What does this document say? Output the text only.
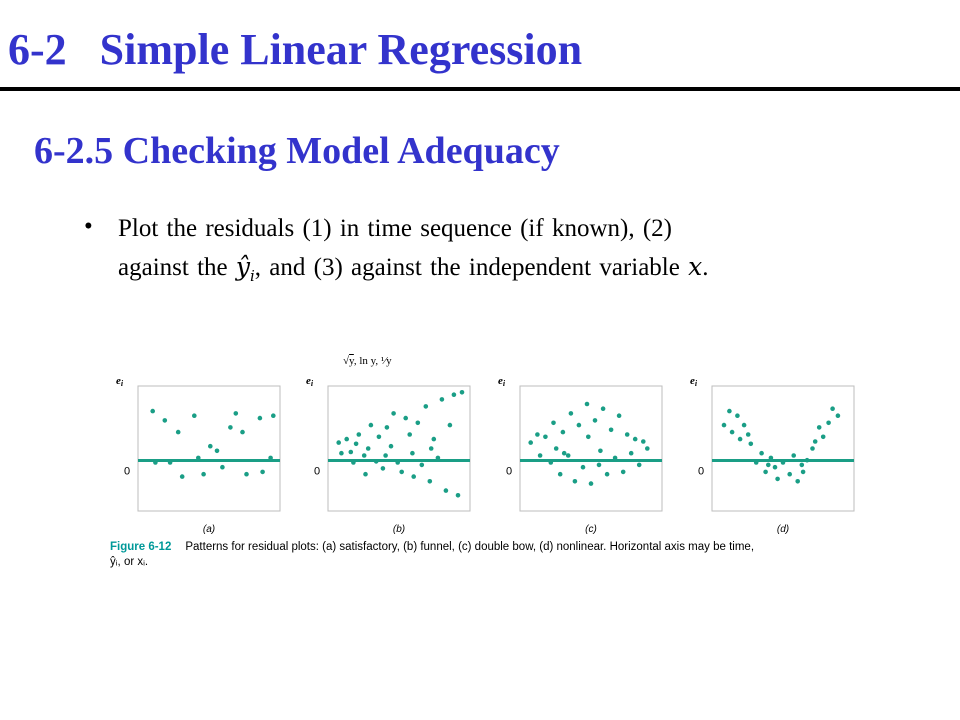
6-2   Simple Linear Regression
6-2.5 Checking Model Adequacy
• Plot the residuals (1) in time sequence (if known), (2)
against the $ŷ_i$, and (3) against the independent variable x.
√y, ln y, ¹⁄y
ei
0
(a)
ei
0
(b)
ei
0
(c)
ei
0
(d)
Figure 6-12 Patterns for residual plots: (a) satisfactory, (b) funnel, (c) double bow, (d) nonlinear. Horizontal axis may be time,
ŷᵢ, or xᵢ.
